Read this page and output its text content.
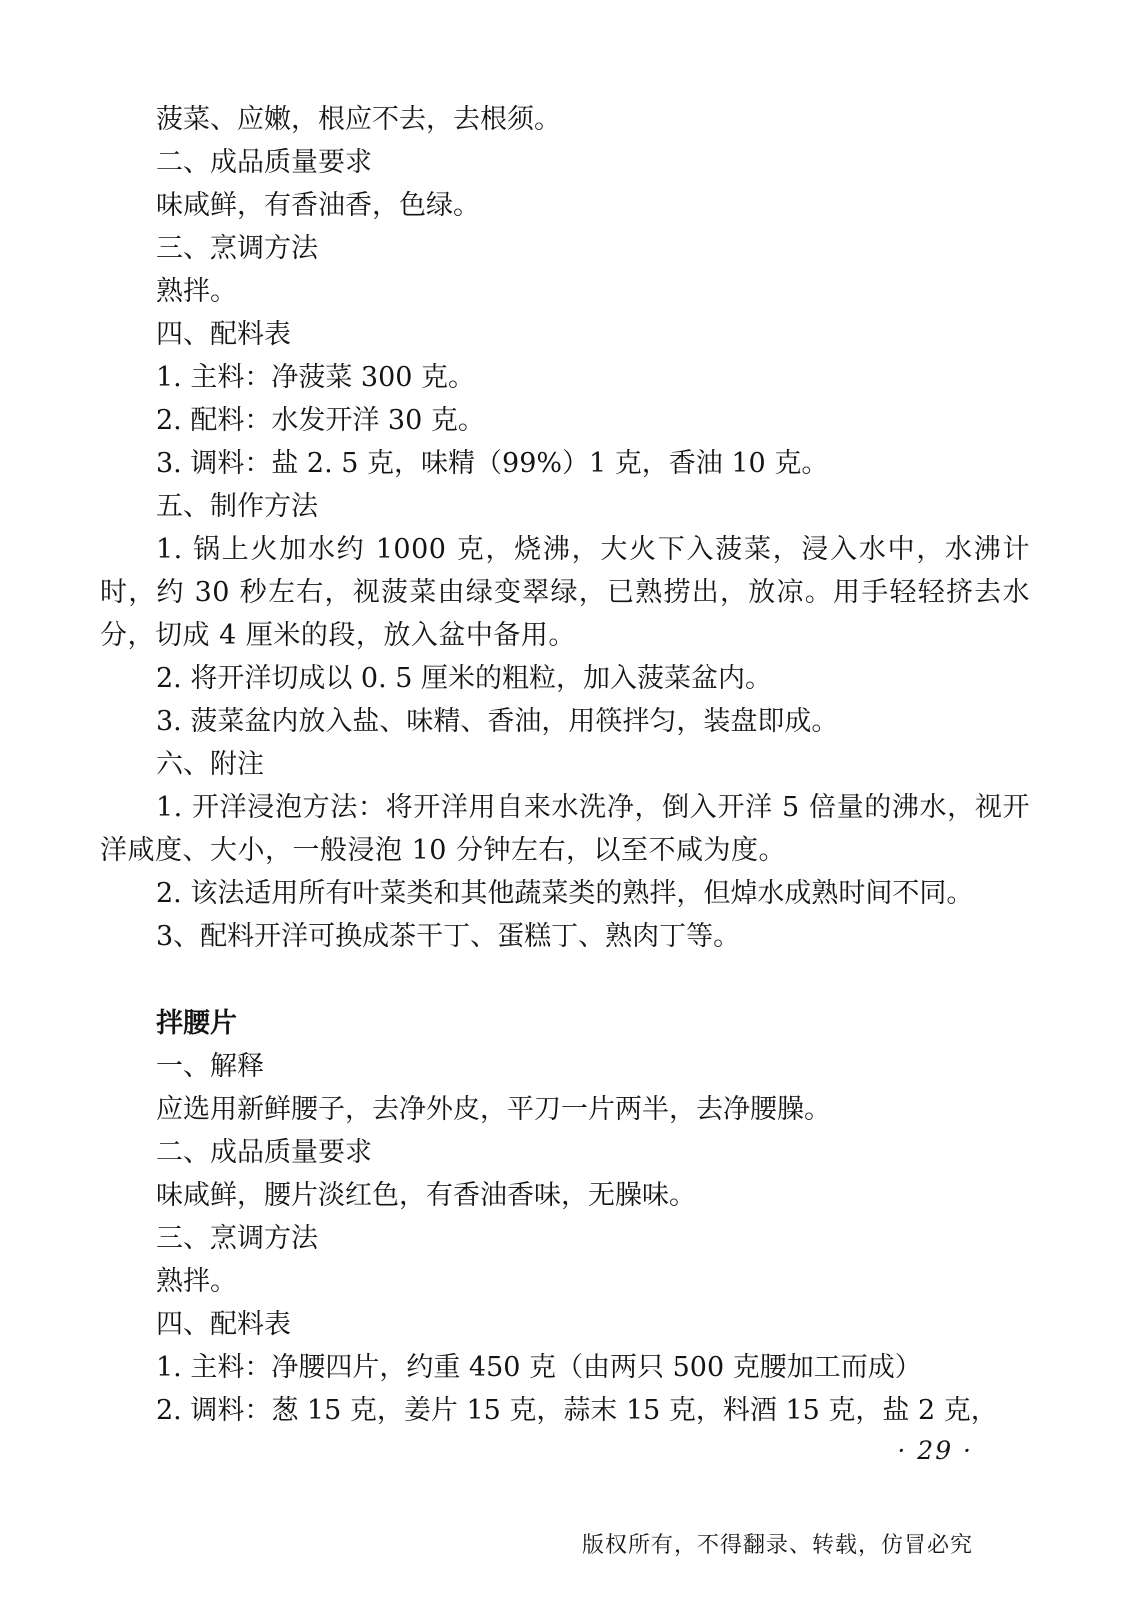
菠菜、应嫩，根应不去，去根须。

二、成品质量要求

味咸鲜，有香油香，色绿。

三、烹调方法

熟拌。

四、配料表

1. 主料：净菠菜 300 克。

2. 配料：水发开洋 30 克。

3. 调料：盐 2. 5 克，味精（99%）1 克，香油 10 克。

五、制作方法

1. 锅上火加水约 1000 克，烧沸，大火下入菠菜，浸入水中，水沸计时，约 30 秒左右，视菠菜由绿变翠绿，已熟捞出，放凉。用手轻轻挤去水分，切成 4 厘米的段，放入盆中备用。

2. 将开洋切成以 0. 5 厘米的粗粒，加入菠菜盆内。

3. 菠菜盆内放入盐、味精、香油，用筷拌匀，装盘即成。

六、附注

1. 开洋浸泡方法：将开洋用自来水洗净，倒入开洋 5 倍量的沸水，视开洋咸度、大小，一般浸泡 10 分钟左右，以至不咸为度。

2. 该法适用所有叶菜类和其他蔬菜类的熟拌，但焯水成熟时间不同。

3、配料开洋可换成茶干丁、蛋糕丁、熟肉丁等。

拌腰片

一、解释

应选用新鲜腰子，去净外皮，平刀一片两半，去净腰臊。

二、成品质量要求

味咸鲜，腰片淡红色，有香油香味，无臊味。

三、烹调方法

熟拌。

四、配料表

1. 主料：净腰四片，约重 450 克（由两只 500 克腰加工而成）

2. 调料：葱 15 克，姜片 15 克，蒜末 15 克，料酒 15 克，盐 2 克，

· 29 ·
版权所有，不得翻录、转载，仿冒必究
